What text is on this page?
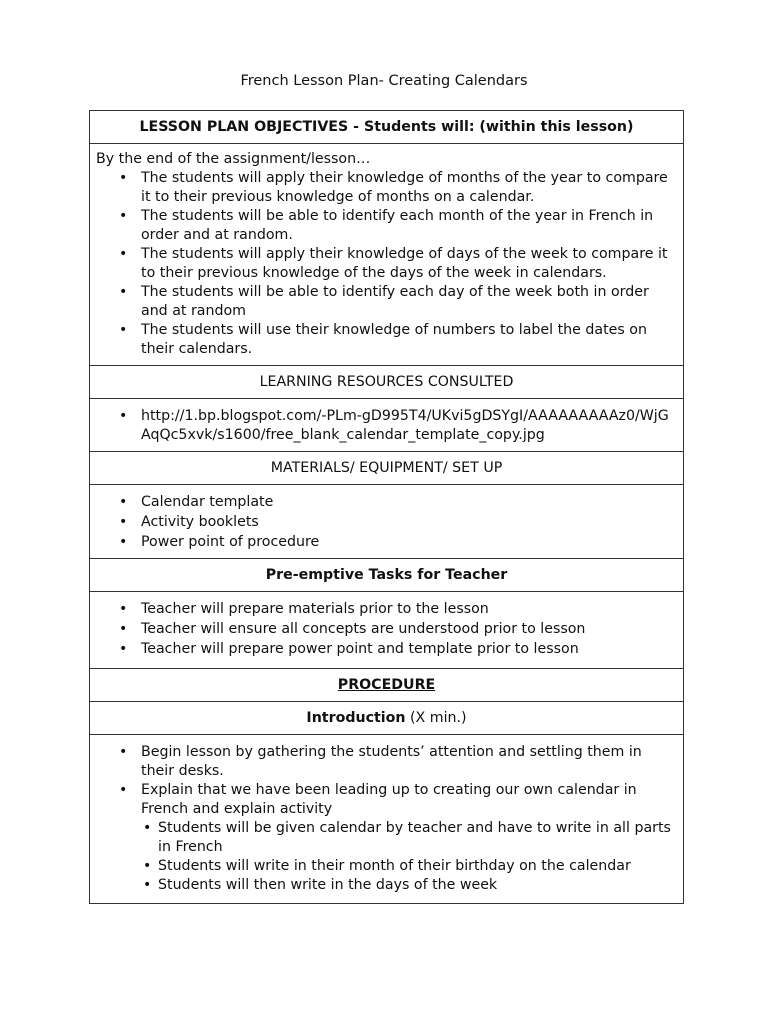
French Lesson Plan- Creating Calendars
LESSON PLAN OBJECTIVES - Students will: (within this lesson)

By the end of the assignment/lesson…
• The students will apply their knowledge of months of the year to compare it to their previous knowledge of months on a calendar.
• The students will be able to identify each month of the year in French in order and at random.
• The students will apply their knowledge of days of the week to compare it to their previous knowledge of the days of the week in calendars.
• The students will be able to identify each day of the week both in order and at random
• The students will use their knowledge of numbers to label the dates on their calendars.

LEARNING RESOURCES CONSULTED

• http://1.bp.blogspot.com/-PLm-gD995T4/UKvi5gDSYgI/AAAAAAAAAz0/WjGAqQc5xvk/s1600/free_blank_calendar_template_copy.jpg

MATERIALS/ EQUIPMENT/ SET UP

• Calendar template
• Activity booklets
• Power point of procedure

Pre-emptive Tasks for Teacher

• Teacher will prepare materials prior to the lesson
• Teacher will ensure all concepts are understood prior to lesson
• Teacher will prepare power point and template prior to lesson

PROCEDURE
Introduction (X min.)

• Begin lesson by gathering the students’ attention and settling them in their desks.
• Explain that we have been leading up to creating our own calendar in French and explain activity
• Students will be given calendar by teacher and have to write in all parts in French
• Students will write in their month of their birthday on the calendar
• Students will then write in the days of the week
